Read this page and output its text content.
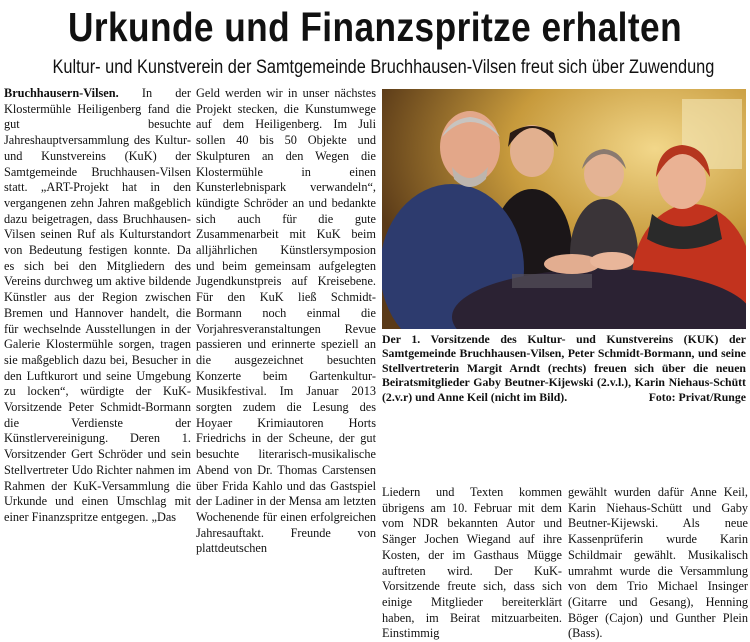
Urkunde und Finanzspritze erhalten
Kultur- und Kunstverein der Samtgemeinde Bruchhausen-Vilsen freut sich über Zuwendung

Bruchhausern-Vilsen. In der Klostermühle Heiligenberg fand die gut besuchte Jahreshauptversammlung des Kultur- und Kunstvereins (KuK) der Samtgemeinde Bruchhausen-Vilsen statt. „ART-Projekt hat in den vergangenen zehn Jahren maßgeblich dazu beigetragen, dass Bruchhausen-Vilsen seinen Ruf als Kulturstandort von Bedeutung festigen konnte. Da es sich bei den Mitgliedern des Vereins durchweg um aktive bildende Künstler aus der Region zwischen Bremen und Hannover handelt, die für wechselnde Ausstellungen in der Galerie Klostermühle sorgen, tragen sie maßgeblich dazu bei, Besucher in den Luftkurort und seine Umgebung zu locken“, würdigte der KuK-Vorsitzende Peter Schmidt-Bormann die Verdienste der Künstlervereinigung. Deren 1. Vorsitzender Gert Schröder und sein Stellvertreter Udo Richter nahmen im Rahmen der KuK-Versammlung die Urkunde und einen Umschlag mit einer Finanzspritze entgegen. „Das

Geld werden wir in unser nächstes Projekt stecken, die Kunstumwege auf dem Heiligenberg. Im Juli sollen 40 bis 50 Objekte und Skulpturen an den Wegen die Klostermühle in einen Kunsterlebnispark verwandeln“, kündigte Schröder an und bedankte sich auch für die gute Zusammenarbeit mit KuK beim alljährlichen Künstlersymposion und beim gemeinsam aufgelegten Jugendkunstpreis auf Kreisebene. Für den KuK ließ Schmidt-Bormann noch einmal die Vorjahresveranstaltungen Revue passieren und erinnerte speziell an die ausgezeichnet besuchten Konzerte beim Gartenkultur-Musikfestival. Im Januar 2013 sorgten zudem die Lesung des Hoyaer Krimiautoren Horts Friedrichs in der Scheune, der gut besuchte literarisch-musikalische Abend von Dr. Thomas Carstensen über Frida Kahlo und das Gastspiel der Ladiner in der Mensa am letzten Wochenende für einen erfolgreichen Jahresauftakt. Freunde von plattdeutschen

Der 1. Vorsitzende des Kultur- und Kunstvereins (KUK) der Samtgemeinde Bruchhausen-Vilsen, Peter Schmidt-Bormann, und seine Stellvertreterin Margit Arndt (rechts) freuen sich über die neuen Beiratsmitglieder Gaby Beutner-Kijewski (2.v.l.), Karin Niehaus-Schütt (2.v.r) und Anne Keil (nicht im Bild).	Foto: Privat/Runge

Liedern und Texten kommen übrigens am 10. Februar mit dem vom NDR bekannten Autor und Sänger Jochen Wiegand auf ihre Kosten, der im Gasthaus Mügge auftreten wird. Der KuK-Vorsitzende freute sich, dass sich einige Mitglieder bereiterklärt haben, im Beirat mitzuarbeiten. Einstimmig

gewählt wurden dafür Anne Keil, Karin Niehaus-Schütt und Gaby Beutner-Kijewski. Als neue Kassenprüferin wurde Karin Schildmair gewählt. Musikalisch umrahmt wurde die Versammlung von dem Trio Michael Insinger (Gitarre und Gesang), Henning Böger (Cajon) und Gunther Plein (Bass).
